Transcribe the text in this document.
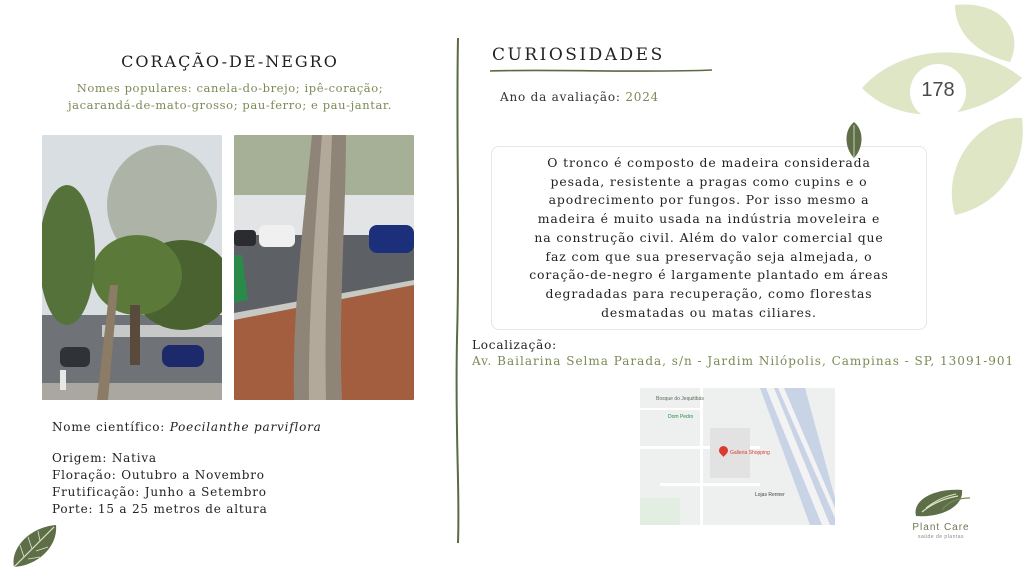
178
CORAÇÃO-DE-NEGRO
Nomes populares: canela-do-brejo; ipê-coração;
jacarandá-de-mato-grosso; pau-ferro; e pau-jantar.
Nome científico: Poecilanthe parviflora
Origem: Nativa
Floração: Outubro a Novembro
Frutificação: Junho a Setembro
Porte: 15 a 25 metros de altura
CURIOSIDADES
Ano da avaliação: 2024
O tronco é composto de madeira considerada
pesada, resistente a pragas como cupins e o
apodrecimento por fungos. Por isso mesmo a
madeira é muito usada na indústria moveleira e
na construção civil. Além do valor comercial que
faz com que sua preservação seja almejada, o
coração-de-negro é largamente plantado em áreas
degradadas para recuperação, como florestas
desmatadas ou matas ciliares.
Localização:
Av. Bailarina Selma Parada, s/n - Jardim Nilópolis, Campinas - SP, 13091-901
Bosque do Jequitibás
Dom Pedro
Galleria Shopping
Lojas Renner
Plant Care
saúde de plantas
